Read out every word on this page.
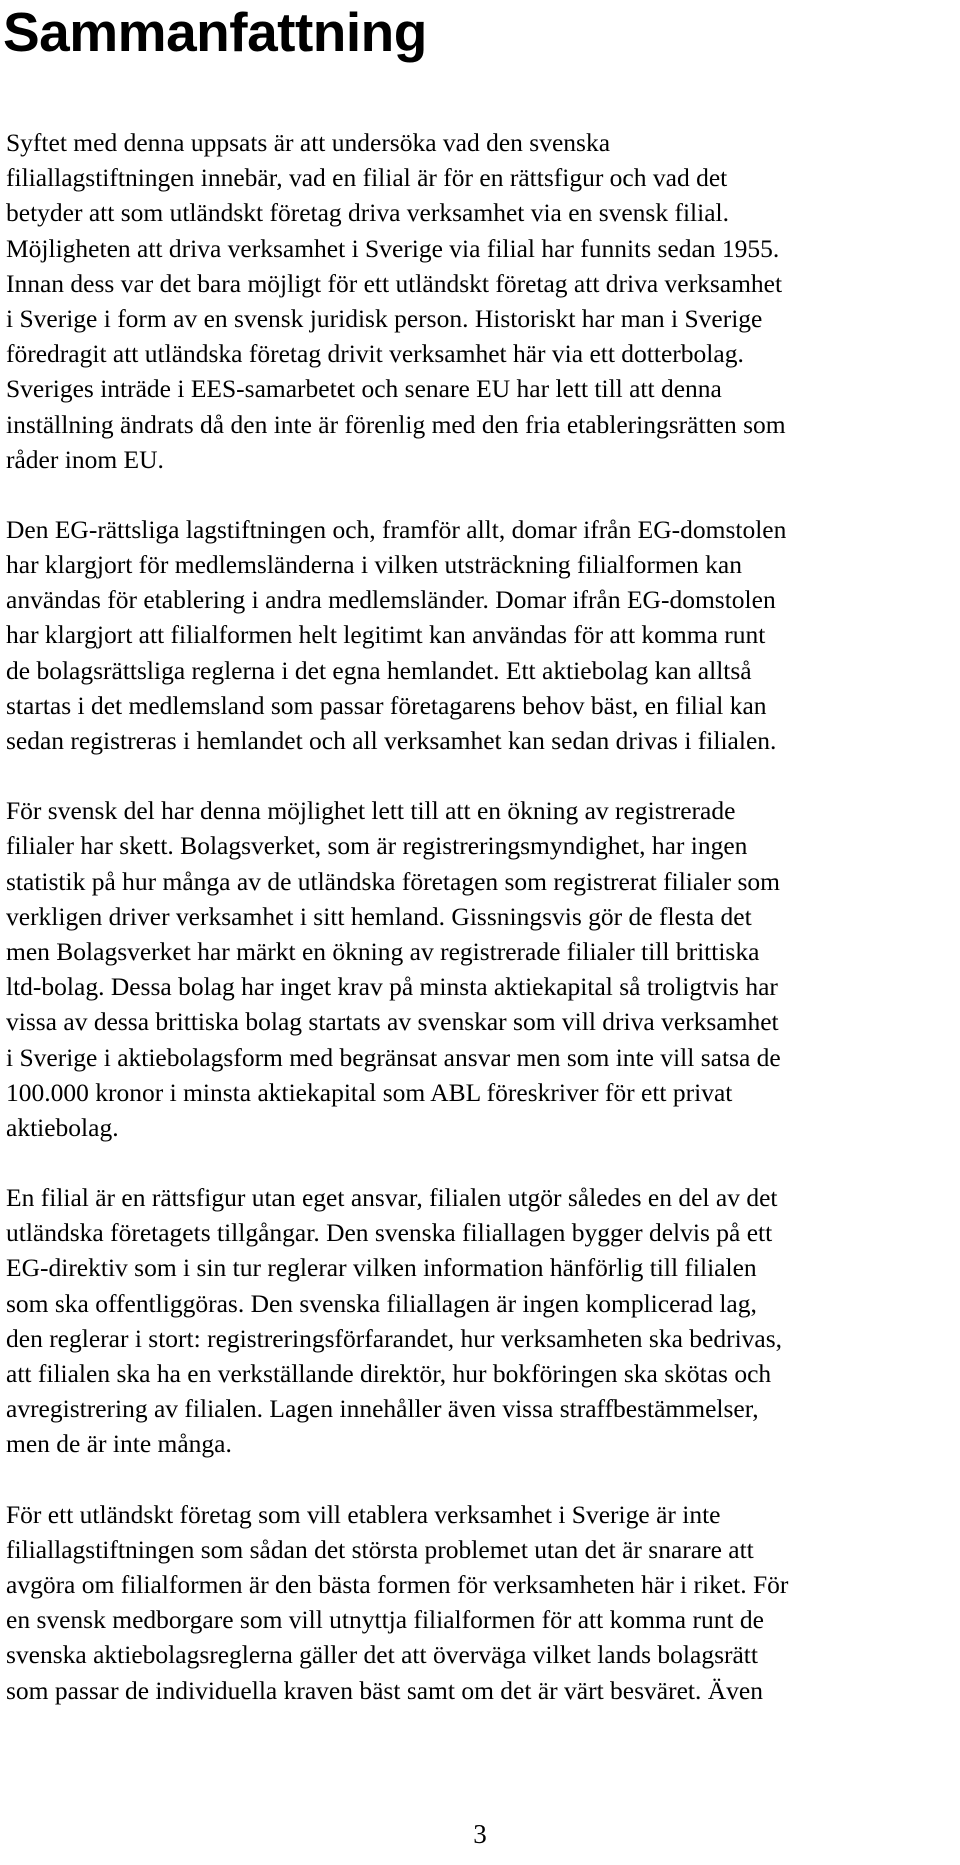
Sammanfattning

Syftet med denna uppsats är att undersöka vad den svenska
filiallagstiftningen innebär, vad en filial är för en rättsfigur och vad det
betyder att som utländskt företag driva verksamhet via en svensk filial.
Möjligheten att driva verksamhet i Sverige via filial har funnits sedan 1955.
Innan dess var det bara möjligt för ett utländskt företag att driva verksamhet
i Sverige i form av en svensk juridisk person. Historiskt har man i Sverige
föredragit att utländska företag drivit verksamhet här via ett dotterbolag.
Sveriges inträde i EES-samarbetet och senare EU har lett till att denna
inställning ändrats då den inte är förenlig med den fria etableringsrätten som
råder inom EU.

Den EG-rättsliga lagstiftningen och, framför allt, domar ifrån EG-domstolen
har klargjort för medlemsländerna i vilken utsträckning filialformen kan
användas för etablering i andra medlemsländer. Domar ifrån EG-domstolen
har klargjort att filialformen helt legitimt kan användas för att komma runt
de bolagsrättsliga reglerna i det egna hemlandet. Ett aktiebolag kan alltså
startas i det medlemsland som passar företagarens behov bäst, en filial kan
sedan registreras i hemlandet och all verksamhet kan sedan drivas i filialen.

För svensk del har denna möjlighet lett till att en ökning av registrerade
filialer har skett. Bolagsverket, som är registreringsmyndighet, har ingen
statistik på hur många av de utländska företagen som registrerat filialer som
verkligen driver verksamhet i sitt hemland. Gissningsvis gör de flesta det
men Bolagsverket har märkt en ökning av registrerade filialer till brittiska
ltd-bolag. Dessa bolag har inget krav på minsta aktiekapital så troligtvis har
vissa av dessa brittiska bolag startats av svenskar som vill driva verksamhet
i Sverige i aktiebolagsform med begränsat ansvar men som inte vill satsa de
100.000 kronor i minsta aktiekapital som ABL föreskriver för ett privat
aktiebolag.

En filial är en rättsfigur utan eget ansvar, filialen utgör således en del av det
utländska företagets tillgångar. Den svenska filiallagen bygger delvis på ett
EG-direktiv som i sin tur reglerar vilken information hänförlig till filialen
som ska offentliggöras. Den svenska filiallagen är ingen komplicerad lag,
den reglerar i stort: registreringsförfarandet, hur verksamheten ska bedrivas,
att filialen ska ha en verkställande direktör, hur bokföringen ska skötas och
avregistrering av filialen. Lagen innehåller även vissa straffbestämmelser,
men de är inte många.

För ett utländskt företag som vill etablera verksamhet i Sverige är inte
filiallagstiftningen som sådan det största problemet utan det är snarare att
avgöra om filialformen är den bästa formen för verksamheten här i riket. För
en svensk medborgare som vill utnyttja filialformen för att komma runt de
svenska aktiebolagsreglerna gäller det att överväga vilket lands bolagsrätt
som passar de individuella kraven bäst samt om det är värt besväret. Även

3
